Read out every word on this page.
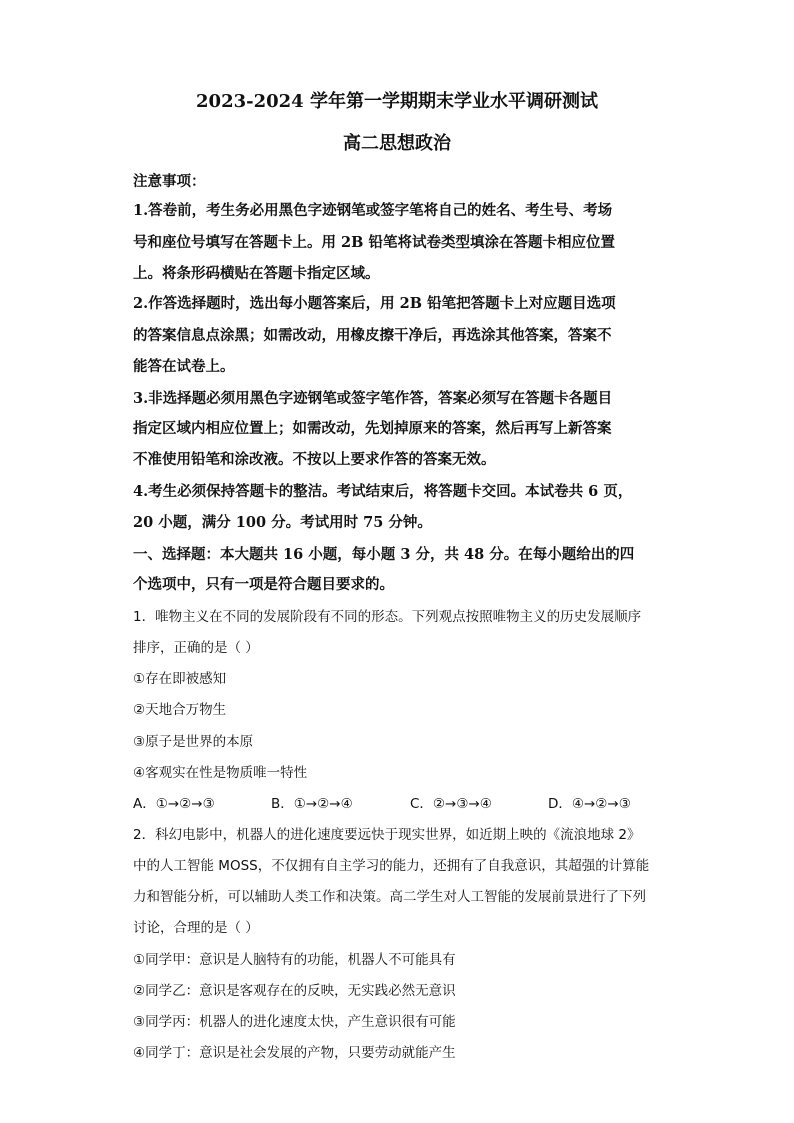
2023-2024 学年第一学期期末学业水平调研测试
高二思想政治
注意事项：
1.答卷前，考生务必用黑色字迹钢笔或签字笔将自己的姓名、考生号、考场
号和座位号填写在答题卡上。用 2B 铅笔将试卷类型填涂在答题卡相应位置
上。将条形码横贴在答题卡指定区域。
2.作答选择题时，选出每小题答案后，用 2B 铅笔把答题卡上对应题目选项
的答案信息点涂黑；如需改动，用橡皮擦干净后，再选涂其他答案，答案不
能答在试卷上。
3.非选择题必须用黑色字迹钢笔或签字笔作答，答案必须写在答题卡各题目
指定区域内相应位置上；如需改动，先划掉原来的答案，然后再写上新答案
不准使用铅笔和涂改液。不按以上要求作答的答案无效。
4.考生必须保持答题卡的整洁。考试结束后，将答题卡交回。本试卷共 6 页，
20 小题，满分 100 分。考试用时 75 分钟。
一、选择题：本大题共 16 小题，每小题 3 分，共 48 分。在每小题给出的四
个选项中，只有一项是符合题目要求的。
1．唯物主义在不同的发展阶段有不同的形态。下列观点按照唯物主义的历史发展顺序
排序，正确的是（ ）
①存在即被感知
②天地合万物生
③原子是世界的本原
④客观实在性是物质唯一特性
A．①→②→③	B．①→②→④	C．②→③→④	D．④→②→③
2．科幻电影中，机器人的进化速度要远快于现实世界，如近期上映的《流浪地球 2》
中的人工智能 MOSS，不仅拥有自主学习的能力，还拥有了自我意识，其超强的计算能
力和智能分析，可以辅助人类工作和决策。高二学生对人工智能的发展前景进行了下列
讨论，合理的是（ ）
①同学甲：意识是人脑特有的功能，机器人不可能具有
②同学乙：意识是客观存在的反映，无实践必然无意识
③同学丙：机器人的进化速度太快，产生意识很有可能
④同学丁：意识是社会发展的产物，只要劳动就能产生
